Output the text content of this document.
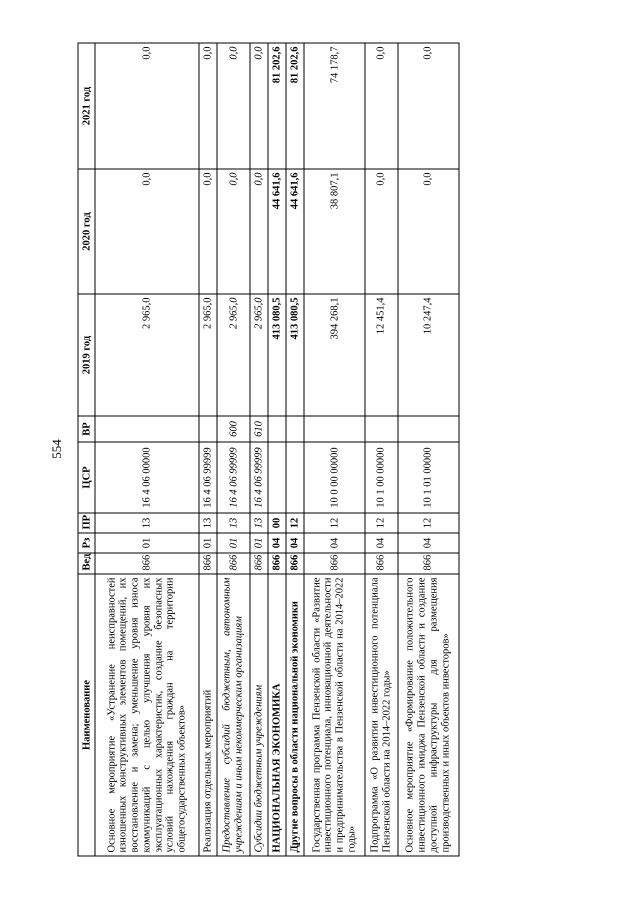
554
Наименование	Вед	Рз	ПР	ЦСР	ВР	2019 год	2020 год	2021 год
Основное мероприятие «Устранение неисправностей изношенных конструктивных элементов помещений, их восстановление и замена; уменьшение уровня износа коммуникаций с целью улучшения уровня их эксплуатационных характеристик, создание безопасных условий нахождения граждан на территории общегосударственных объектов»	866	01	13	16 4 06 00000		2 965,0	0,0	0,0
Реализация отдельных мероприятий	866	01	13	16 4 06 99999		2 965,0	0,0	0,0
Предоставление субсидий бюджетным, автономным учреждениям и иным некоммерческим организациям	866	01	13	16 4 06 99999	600	2 965,0	0,0	0,0
Субсидии бюджетным учреждениям	866	01	13	16 4 06 99999	610	2 965,0	0,0	0,0
НАЦИОНАЛЬНАЯ ЭКОНОМИКА	866	04	00			413 080,5	44 641,6	81 202,6
Другие вопросы в области национальной экономики	866	04	12			413 080,5	44 641,6	81 202,6
Государственная программа Пензенской области «Развитие инвестиционного потенциала, инновационной деятельности и предпринимательства в Пензенской области на 2014–2022 годы»	866	04	12	10 0 00 00000		394 268,1	38 807,1	74 178,7
Подпрограмма «О развитии инвестиционного потенциала Пензенской области на 2014–2022 годы»	866	04	12	10 1 00 00000		12 451,4	0,0	0,0
Основное мероприятие «Формирование положительного инвестиционного имиджа Пензенской области и создание доступной инфраструктуры для размещения производственных и иных объектов инвесторов»	866	04	12	10 1 01 00000		10 247,4	0,0	0,0
